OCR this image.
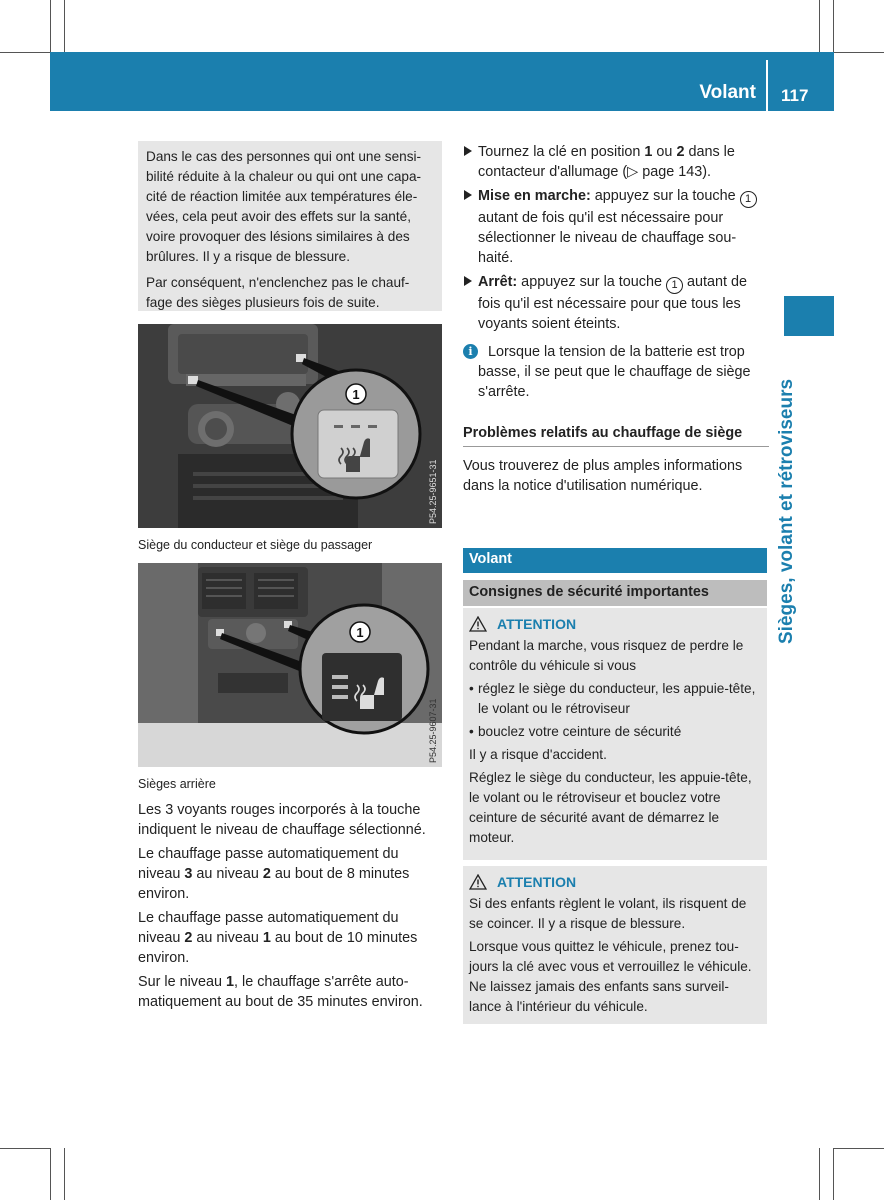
Volant 117
Sièges, volant et rétroviseurs

Dans le cas des personnes qui ont une sensi-bilité réduite à la chaleur ou qui ont une capa-cité de réaction limitée aux températures éle-vées, cela peut avoir des effets sur la santé, voire provoquer des lésions similaires à des brûlures. Il y a risque de blessure.

Par conséquent, n'enclenchez pas le chauf-fage des sièges plusieurs fois de suite.

1
P54.25-9651-31
Siège du conducteur et siège du passager
1
P54.25-9607-31
Sièges arrière

Les 3 voyants rouges incorporés à la touche indiquent le niveau de chauffage sélectionné.

Le chauffage passe automatiquement du niveau 3 au niveau 2 au bout de 8 minutes environ.

Le chauffage passe automatiquement du niveau 2 au niveau 1 au bout de 10 minutes environ.

Sur le niveau 1, le chauffage s'arrête auto-matiquement au bout de 35 minutes environ.

Tournez la clé en position 1 ou 2 dans le contacteur d'allumage (▷ page 143).
Mise en marche: appuyez sur la touche 1 autant de fois qu'il est nécessaire pour sélectionner le niveau de chauffage sou-haité.
Arrêt: appuyez sur la touche 1 autant de fois qu'il est nécessaire pour que tous les voyants soient éteints.
i	Lorsque la tension de la batterie est trop basse, il se peut que le chauffage de siège s'arrête.
Problèmes relatifs au chauffage de siège
Vous trouverez de plus amples informations dans la notice d'utilisation numérique.
Volant
Consignes de sécurité importantes
ATTENTION

Pendant la marche, vous risquez de perdre le contrôle du véhicule si vous

• réglez le siège du conducteur, les appuie-tête, le volant ou le rétroviseur

• bouclez votre ceinture de sécurité

Il y a risque d'accident.

Réglez le siège du conducteur, les appuie-tête, le volant ou le rétroviseur et bouclez votre ceinture de sécurité avant de démarrez le moteur.

ATTENTION

Si des enfants règlent le volant, ils risquent de se coincer. Il y a risque de blessure.

Lorsque vous quittez le véhicule, prenez tou-jours la clé avec vous et verrouillez le véhicule. Ne laissez jamais des enfants sans surveil-lance à l'intérieur du véhicule.
